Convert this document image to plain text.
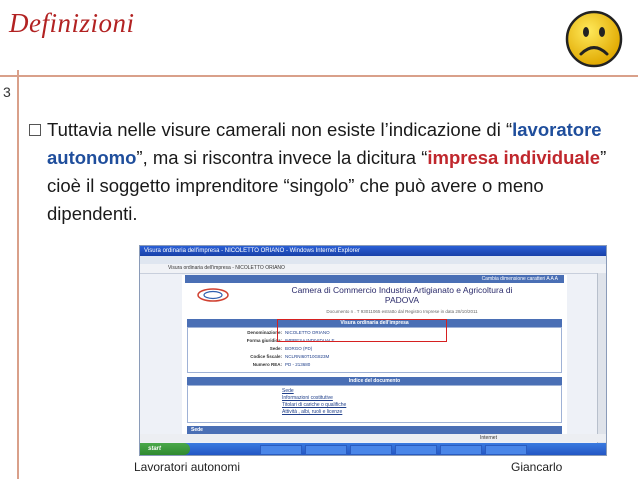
Definizioni
3
Tuttavia nelle visure camerali non esiste l’indicazione di “lavoratore autonomo”, ma si riscontra invece la dicitura “impresa individuale” cioè il soggetto imprenditore “singolo” che può avere o meno dipendenti.
Visura ordinaria dell'impresa - NICOLETTO ORIANO - Windows Internet Explorer
Visura ordinaria dell'impresa - NICOLETTO ORIANO
Cambia dimensione caratteri A A A
Camera di Commercio Industria Artigianato e Agricoltura di
PADOVA
Documento n . T 93011065 estratto dal Registro Imprese in data 28/10/2011
Visura ordinaria dell'impresa
Denominazione: NICOLETTO ORIANO
Forma giuridica: IMPRESA INDIVIDUALE
Sede: BORGO (PD)
Codice fiscale: NCLRNI60T10G823M
Numero REA: PD - 213680
Indice del documento
Sede
Informazioni costitutive
Titolari di cariche o qualifiche
Attività , albi, ruoli e licenze
Sede
Internet
start
Lavoratori autonomi	Giancarlo
